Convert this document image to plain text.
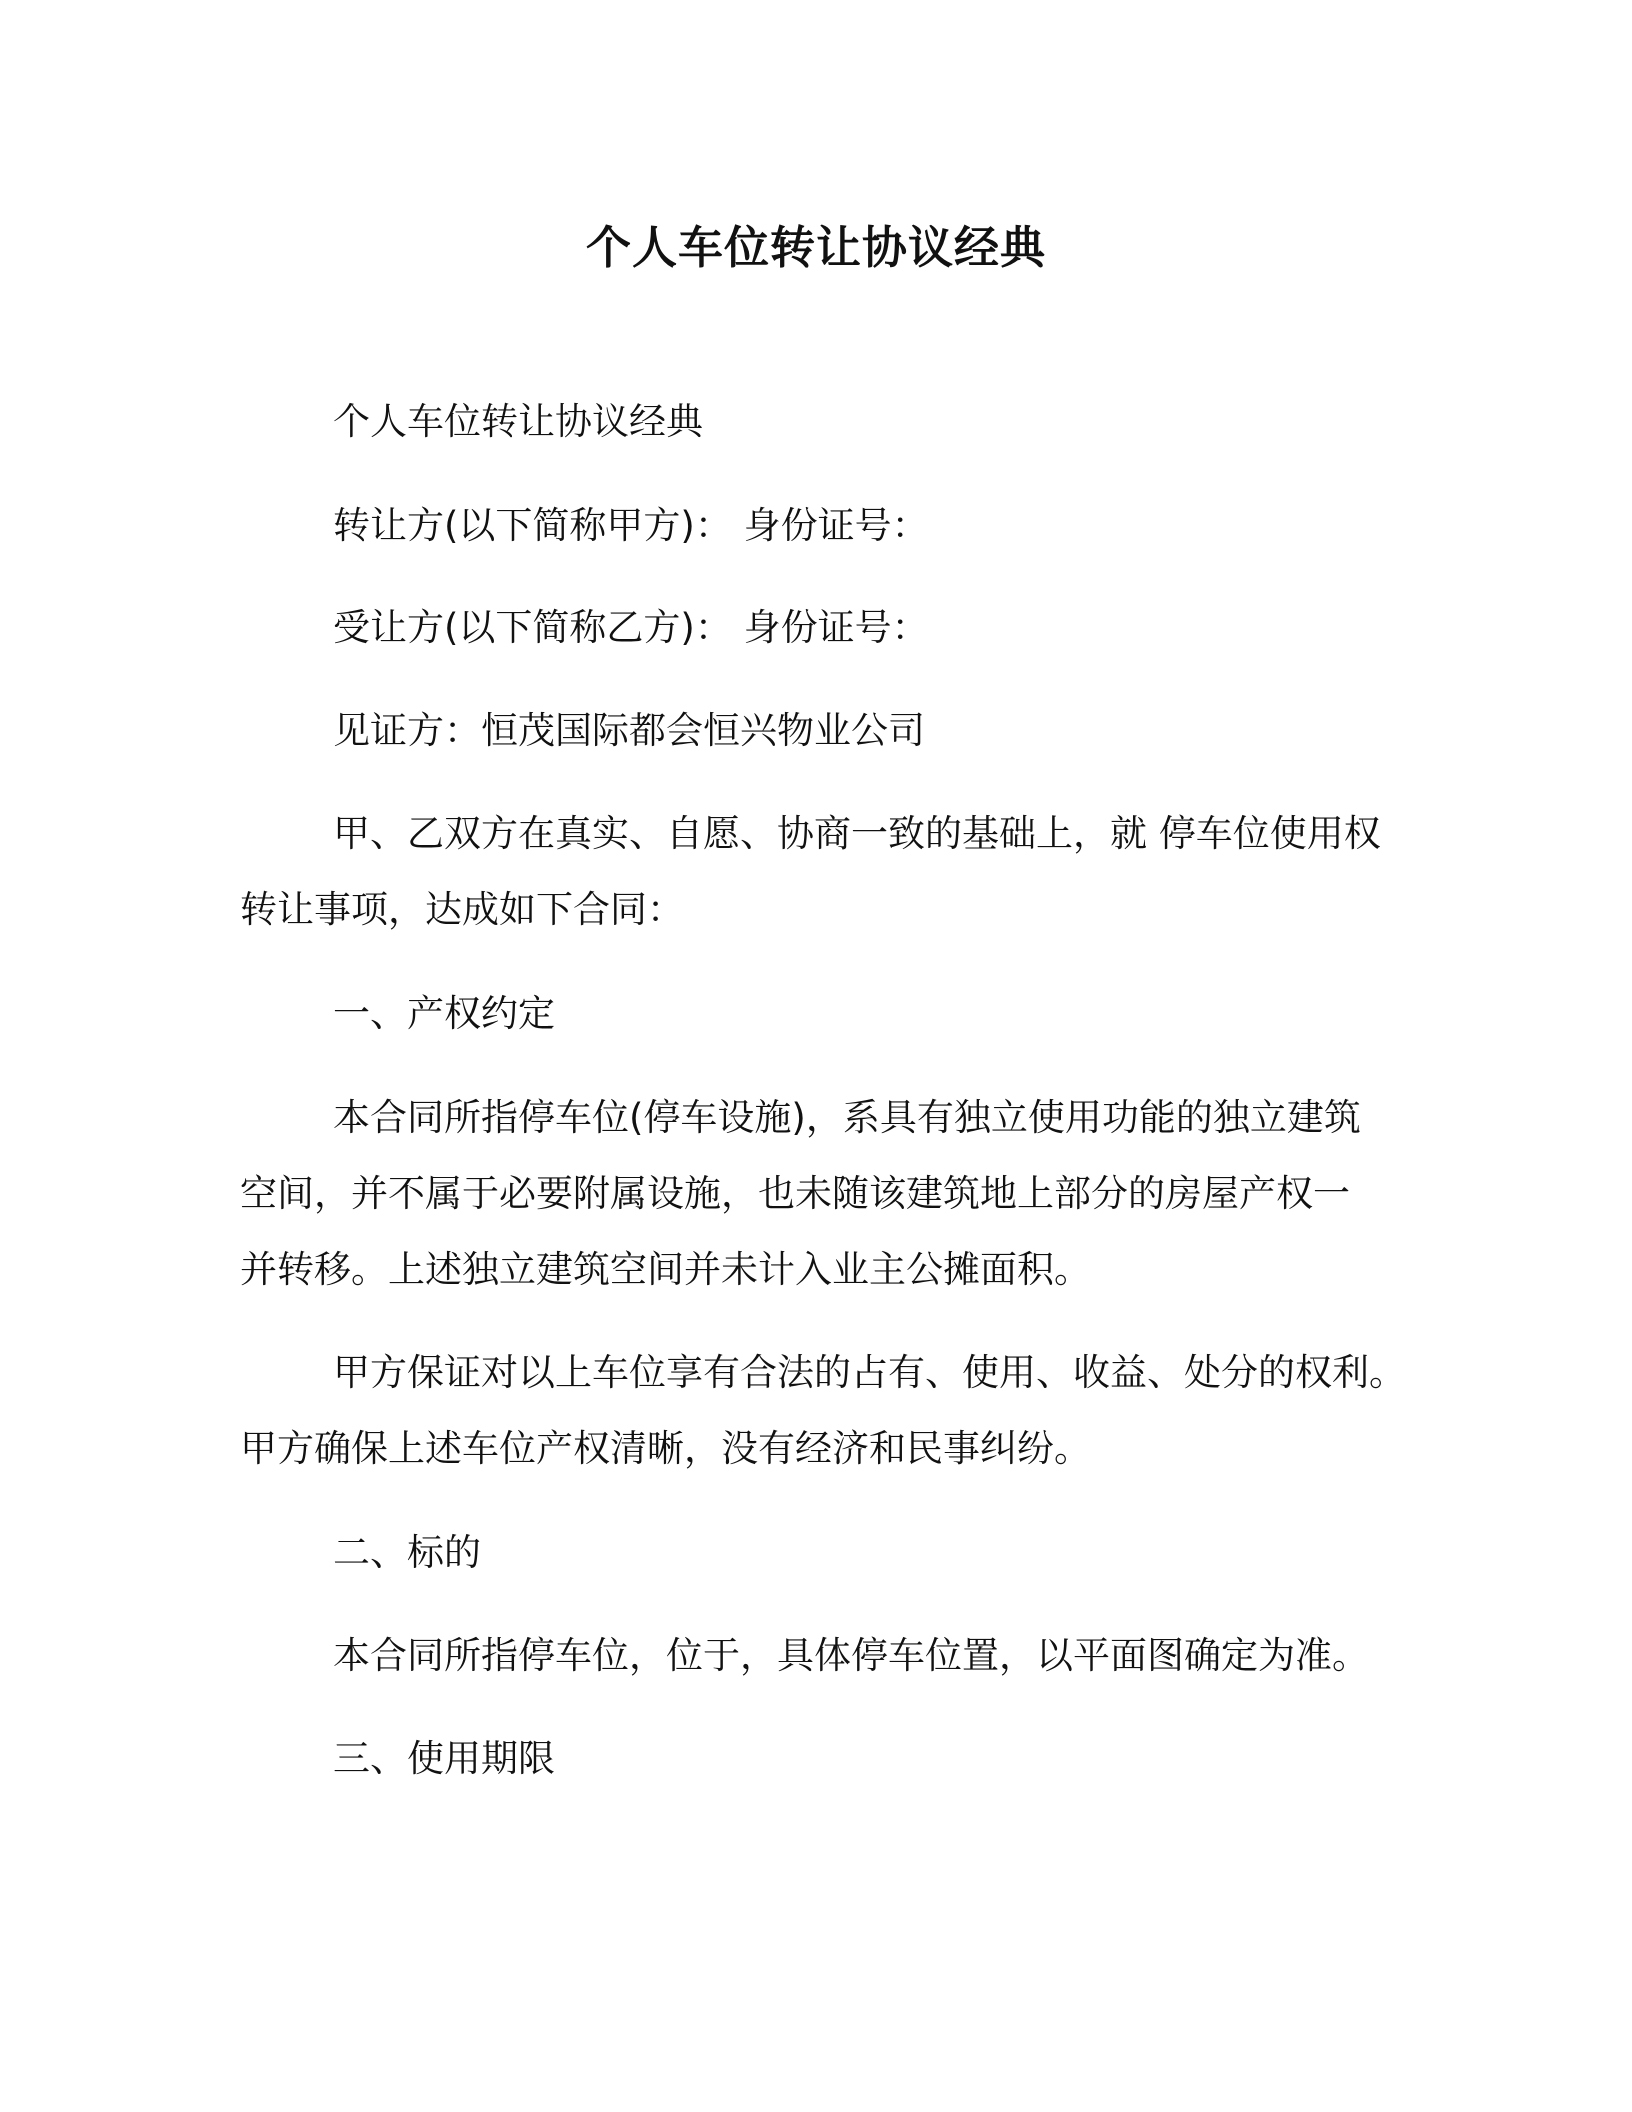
个人车位转让协议经典

个人车位转让协议经典

转让方(以下简称甲方)： 身份证号：

受让方(以下简称乙方)： 身份证号：

见证方：恒茂国际都会恒兴物业公司

甲、乙双方在真实、自愿、协商一致的基础上，就 停车位使用权

转让事项，达成如下合同：

一、产权约定

本合同所指停车位(停车设施)，系具有独立使用功能的独立建筑

空间，并不属于必要附属设施，也未随该建筑地上部分的房屋产权一

并转移。上述独立建筑空间并未计入业主公摊面积。

甲方保证对以上车位享有合法的占有、使用、收益、处分的权利。

甲方确保上述车位产权清晰，没有经济和民事纠纷。

二、标的

本合同所指停车位，位于，具体停车位置，以平面图确定为准。

三、使用期限
